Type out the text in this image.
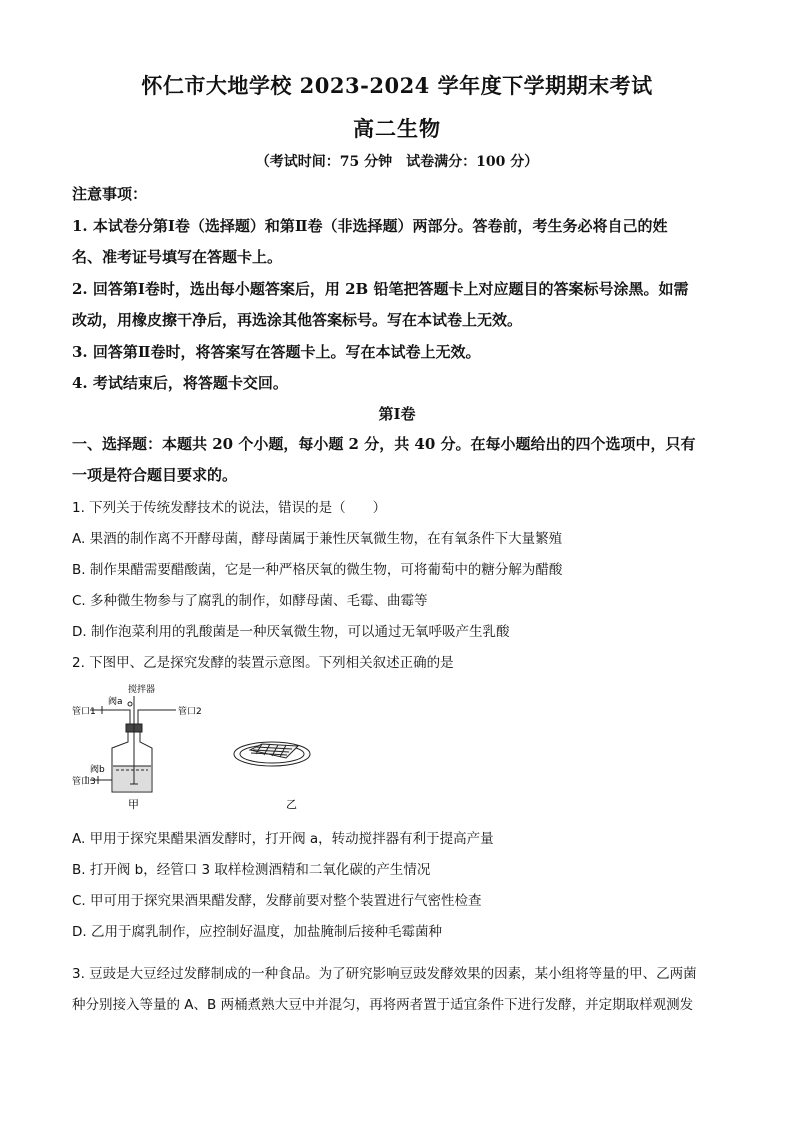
怀仁市大地学校 2023-2024 学年度下学期期末考试
高二生物
（考试时间：75 分钟　试卷满分：100 分）
注意事项：
1. 本试卷分第Ⅰ卷（选择题）和第Ⅱ卷（非选择题）两部分。答卷前，考生务必将自己的姓
名、准考证号填写在答题卡上。
2. 回答第Ⅰ卷时，选出每小题答案后，用 2B 铅笔把答题卡上对应题目的答案标号涂黑。如需
改动，用橡皮擦干净后，再选涂其他答案标号。写在本试卷上无效。
3. 回答第Ⅱ卷时，将答案写在答题卡上。写在本试卷上无效。
4. 考试结束后，将答题卡交回。
第Ⅰ卷
一、选择题：本题共 20 个小题，每小题 2 分，共 40 分。在每小题给出的四个选项中，只有
一项是符合题目要求的。
1. 下列关于传统发酵技术的说法，错误的是（　　）
A. 果酒的制作离不开酵母菌，酵母菌属于兼性厌氧微生物，在有氧条件下大量繁殖
B. 制作果醋需要醋酸菌，它是一种严格厌氧的微生物，可将葡萄中的糖分解为醋酸
C. 多种微生物参与了腐乳的制作，如酵母菌、毛霉、曲霉等
D. 制作泡菜利用的乳酸菌是一种厌氧微生物，可以通过无氧呼吸产生乳酸
2. 下图甲、乙是探究发酵的装置示意图。下列相关叙述正确的是
搅拌器
阀a
管口1	管口2
阀b
管口3
甲	乙
A. 甲用于探究果醋果酒发酵时，打开阀 a，转动搅拌器有利于提高产量
B. 打开阀 b，经管口 3 取样检测酒精和二氧化碳的产生情况
C. 甲可用于探究果酒果醋发酵，发酵前要对整个装置进行气密性检查
D. 乙用于腐乳制作，应控制好温度，加盐腌制后接种毛霉菌种
3. 豆豉是大豆经过发酵制成的一种食品。为了研究影响豆豉发酵效果的因素，某小组将等量的甲、乙两菌
种分别接入等量的 A、B 两桶煮熟大豆中并混匀，再将两者置于适宜条件下进行发酵，并定期取样观测发
